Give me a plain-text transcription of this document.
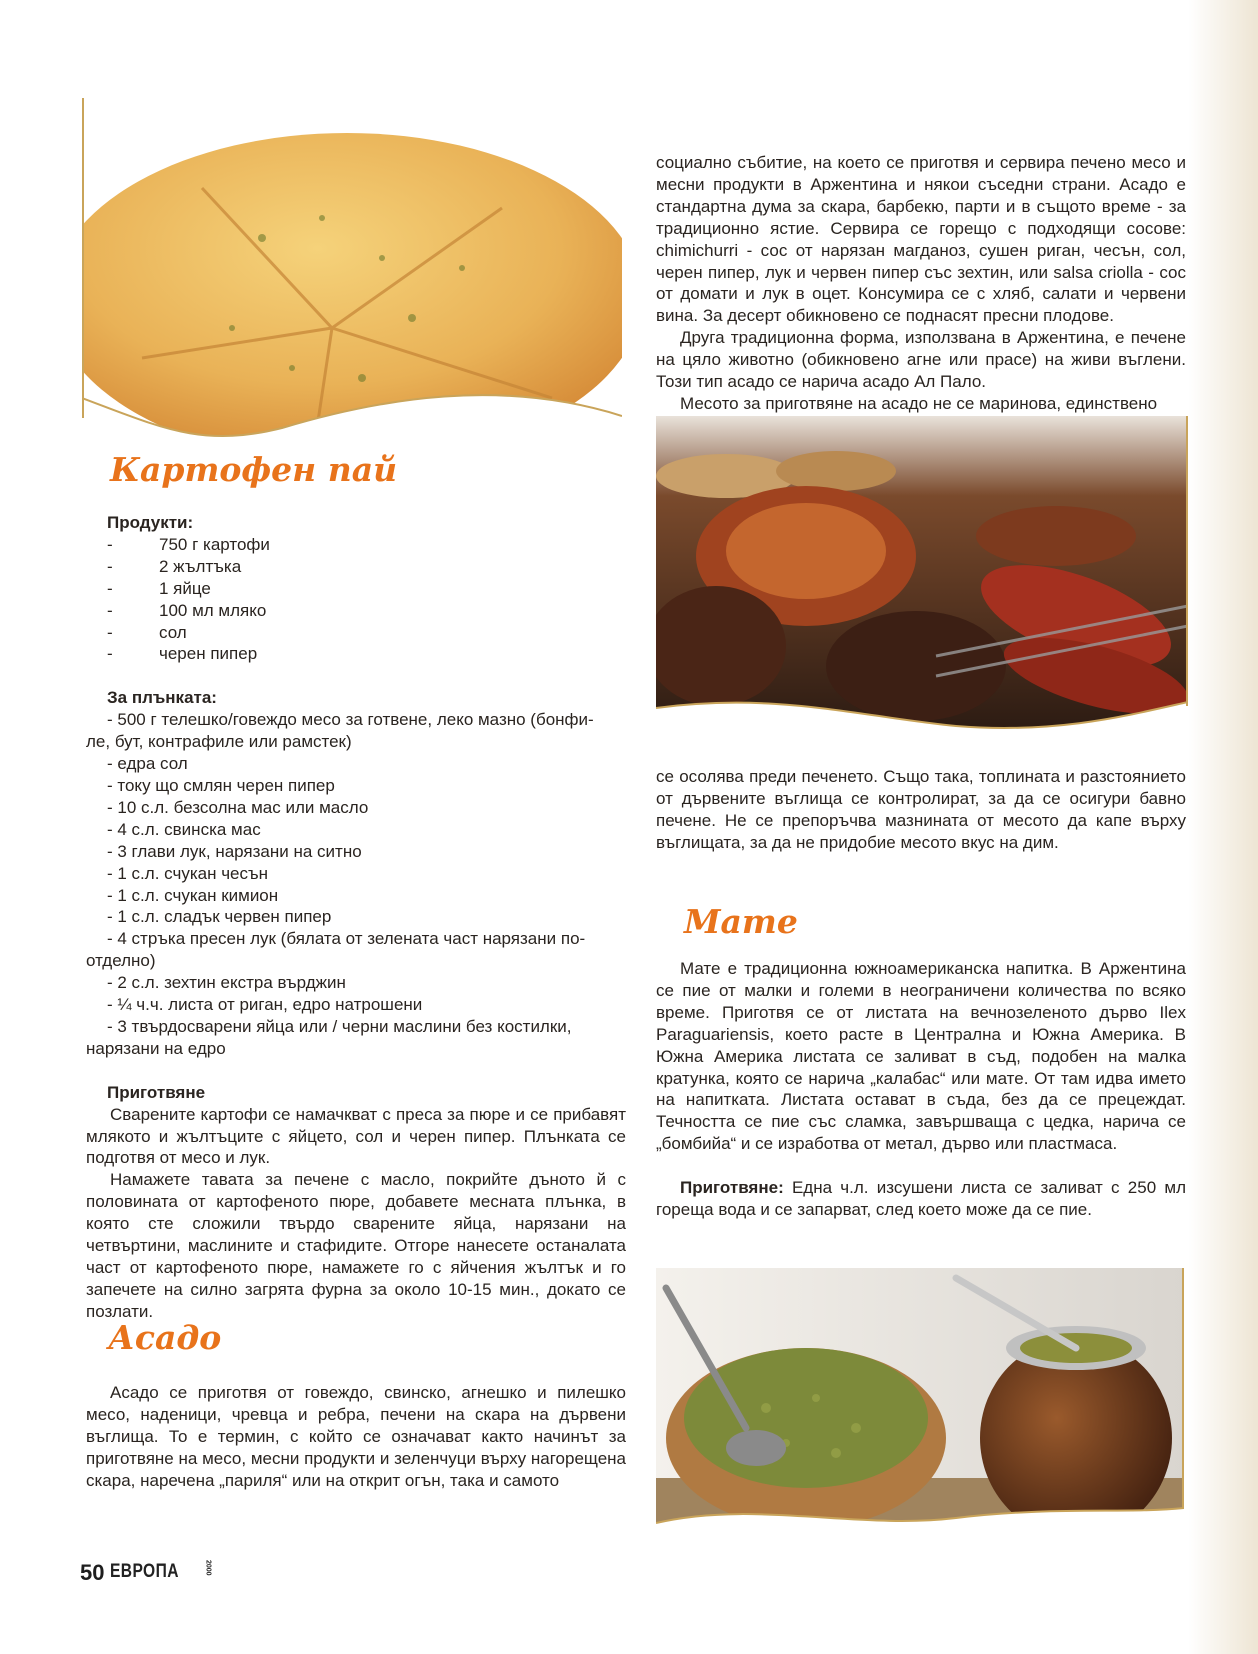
Картофен пай
Продукти:
-	750 г картофи
-	2 жълтъка
-	1 яйце
-	100 мл мляко
-	сол
-	черен пипер
За плънката:
- 500 г телешко/говеждо месо за готвене, леко мазно (бонфи-
ле, бут, контрафиле или рамстек)
- едра сол
- току що смлян черен пипер
- 10 с.л. безсолна мас или масло
- 4 с.л. свинска мас
- 3 глави лук, нарязани на ситно
- 1 с.л. счукан чесън
- 1 с.л. счукан кимион
- 1 с.л. сладък червен пипер
- 4 стръка пресен лук (бялата от зелената част нарязани по-
отделно)
- 2 с.л. зехтин екстра върджин
- ¼ ч.ч. листа от риган, едро натрошени
- 3 твърдосварени яйца или / черни маслини без костилки,
нарязани на едро
Приготвяне

Сварените картофи се намачкват с преса за пюре и се прибавят млякото и жълтъците с яйцето, сол и черен пипер. Плънката се подготвя от месо и лук.

Намажете тавата за печене с масло, покрийте дъното й с половината от картофеното пюре, добавете месната плънка, в която сте сложили твърдо сварените яйца, нарязани на четвъртини, маслините и стафидите. Отгоре нанесете останалата част от картофеното пюре, намажете го с яйчения жълтък и го запечете на силно загрята фурна за около 10-15 мин., докато се позлати.

Асадо

Асадо се приготвя от говеждо, свинско, агнешко и пилешко месо, наденици, чревца и ребра, печени на скара на дървени въглища. То е термин, с който се означават както начинът за приготвяне на месо, месни продукти и зеленчуци върху нагорещена скара, наречена „париля“ или на открит огън, така и самото

социално събитие, на което се приготвя и сервира печено месо и месни продукти в Аржентина и някои съседни страни. Асадо е стандартна дума за скара, барбекю, парти и в същото време - за традиционно ястие. Сервира се горещо с подходящи сосове: chimichurri - сос от нарязан магданоз, сушен риган, чесън, сол, черен пипер, лук и червен пипер със зехтин, или salsa criolla - сос от домати и лук в оцет. Консумира се с хляб, салати и червени вина. За десерт обикновено се поднасят пресни плодове.

Друга традиционна форма, използвана в Аржентина, е печене на цяло животно (обикновено агне или прасе) на живи въглени. Този тип асадо се нарича асадо Ал Пало.

Месото за приготвяне на асадо не се маринова, единствено

се осолява преди печенето. Също така, топлината и разстоянието от дървените въглища се контролират, за да се осигури бавно печене. Не се препоръчва мазнината от месото да капе върху въглищата, за да не придобие месото вкус на дим.

Мате

Мате е традиционна южноамериканска напитка. В Аржентина се пие от малки и големи в неограничени количества по всяко време. Приготвя се от листата на вечнозеленото дърво Ilex Paraguariensis, което расте в Централна и Южна Америка. В Южна Америка листата се заливат в съд, подобен на малка кратунка, която се нарича „калабас“ или мате. От там идва името на напитката. Листата остават в съда, без да се прецеждат. Течността се пие със сламка, завършваща с цедка, нарича се „бомбийа“ и се изработва от метал, дърво или пластмаса.

Приготвяне: Една ч.л. изсушени листа се заливат с 250 мл гореща вода и се запарват, след което може да се пие.

50 ЕВРОПА	2000
